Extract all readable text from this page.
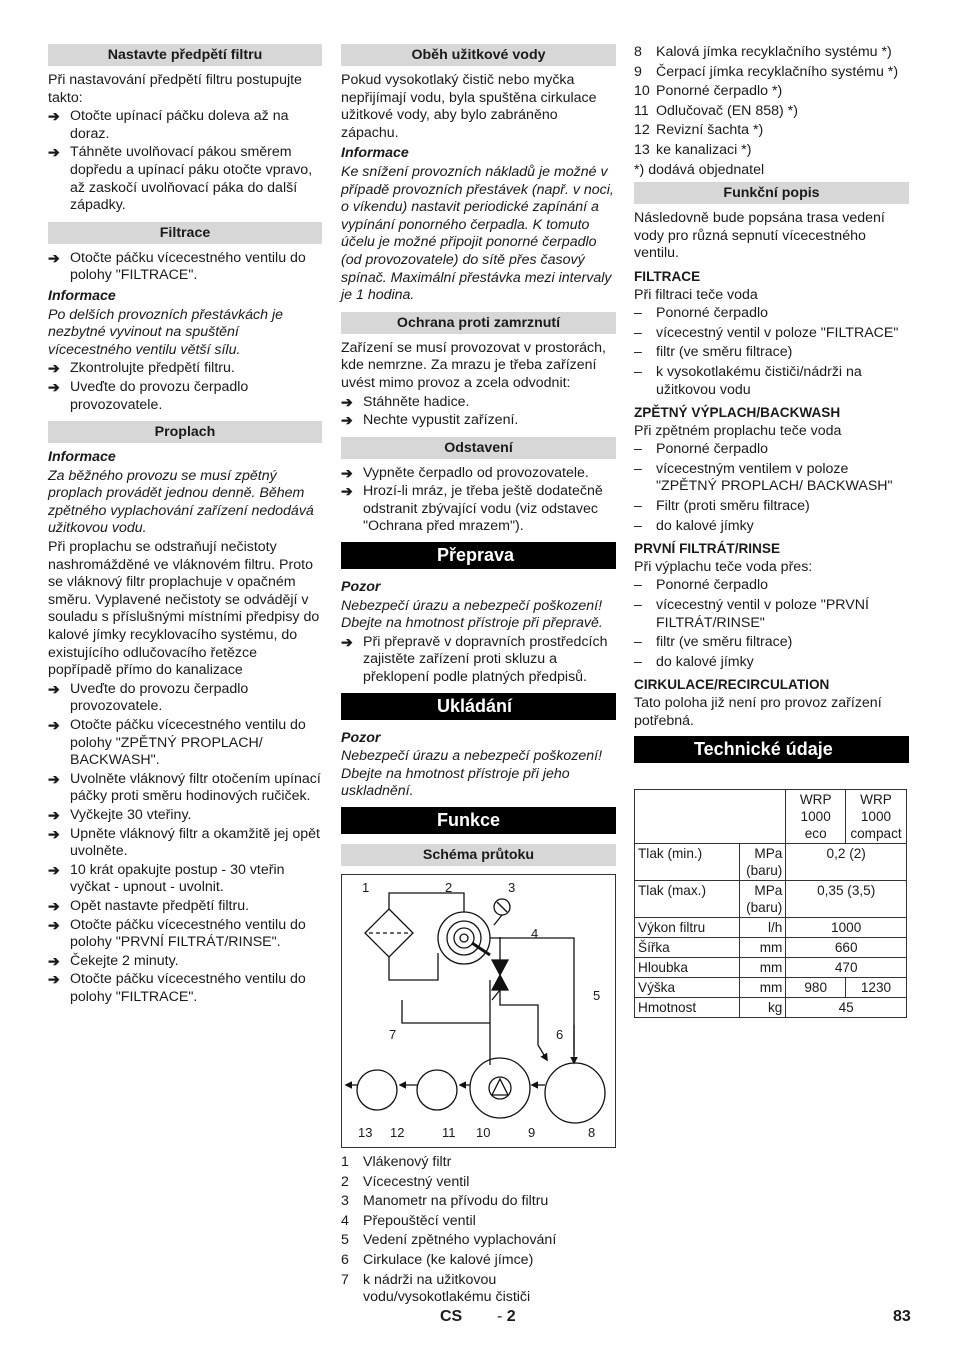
Nastavte předpětí filtru

Při nastavování předpětí filtru postupujte takto:

➔ Otočte upínací páčku doleva až na doraz.
➔ Táhněte uvolňovací pákou směrem dopředu a upínací páku otočte vpravo, až zaskočí uvolňovací páka do další západky.
Filtrace
➔ Otočte páčku vícecestného ventilu do polohy "FILTRACE".

Informace

Po delších provozních přestávkách je nezbytné vyvinout na spuštění vícecestného ventilu větší sílu.

➔ Zkontrolujte předpětí filtru.
➔ Uveďte do provozu čerpadlo provozovatele.
Proplach

Informace

Za běžného provozu se musí zpětný proplach provádět jednou denně. Během zpětného vyplachování zařízení nedodává užitkovou vodu.

Při proplachu se odstraňují nečistoty nashromážděné ve vláknovém filtru. Proto se vláknový filtr proplachuje v opačném směru. Vyplavené nečistoty se odvádějí v souladu s příslušnými místními předpisy do kalové jímky recyklovacího systému, do existujícího odlučovacího řetězce popřípadě přímo do kanalizace

➔ Uveďte do provozu čerpadlo provozovatele.
➔ Otočte páčku vícecestného ventilu do polohy "ZPĚTNÝ PROPLACH/ BACKWASH".
➔ Uvolněte vláknový filtr otočením upínací páčky proti směru hodinových ručiček.
➔ Vyčkejte 30 vteřiny.
➔ Upněte vláknový filtr a okamžitě jej opět uvolněte.
➔ 10 krát opakujte postup - 30 vteřin vyčkat - upnout - uvolnit.
➔ Opět nastavte předpětí filtru.
➔ Otočte páčku vícecestného ventilu do polohy "PRVNÍ FILTRÁT/RINSE".
➔ Čekejte 2 minuty.
➔ Otočte páčku vícecestného ventilu do polohy "FILTRACE".
Oběh užitkové vody

Pokud vysokotlaký čistič nebo myčka nepřijímají vodu, byla spuštěna cirkulace užitkové vody, aby bylo zabráněno zápachu.

Informace

Ke snížení provozních nákladů je možné v případě provozních přestávek (např. v noci, o víkendu) nastavit periodické zapínání a vypínání ponorného čerpadla. K tomuto účelu je možné připojit ponorné čerpadlo (od provozovatele) do sítě přes časový spínač. Maximální přestávka mezi intervaly je 1 hodina.

Ochrana proti zamrznutí

Zařízení se musí provozovat v prostorách, kde nemrzne. Za mrazu je třeba zařízení uvést mimo provoz a zcela odvodnit:

➔ Stáhněte hadice.
➔ Nechte vypustit zařízení.
Odstavení
➔ Vypněte čerpadlo od provozovatele.
➔ Hrozí-li mráz, je třeba ještě dodatečně odstranit zbývající vodu (viz odstavec "Ochrana před mrazem").
Přeprava

Pozor

Nebezpečí úrazu a nebezpečí poškození! Dbejte na hmotnost přístroje při přepravě.

➔ Při přepravě v dopravních prostředcích zajistěte zařízení proti skluzu a překlopení podle platných předpisů.
Ukládání

Pozor

Nebezpečí úrazu a nebezpečí poškození! Dbejte na hmotnost přístroje při jeho uskladnění.

Funkce
Schéma průtoku
1	2	3
4
5
6
7
8
9
10
11
12
13
1 Vlákenový filtr
2 Vícecestný ventil
3 Manometr na přívodu do filtru
4 Přepouštěcí ventil
5 Vedení zpětného vyplachování
6 Cirkulace (ke kalové jímce)
7 k nádrži na užitkovou vodu/vysokotlakému čističi
8 Kalová jímka recyklačního systému *)
9 Čerpací jímka recyklačního systému *)
10 Ponorné čerpadlo *)
11 Odlučovač (EN 858) *)
12 Revizní šachta *)
13 ke kanalizaci *)

*) dodává objednatel

Funkční popis

Následovně bude popsána trasa vedení vody pro různá sepnutí vícecestného ventilu.

FILTRACE

Při filtraci teče voda

– Ponorné čerpadlo
– vícecestný ventil v poloze "FILTRACE"
– filtr (ve směru filtrace)
– k vysokotlakému čističi/nádrži na užitkovou vodu

ZPĚTNÝ VÝPLACH/BACKWASH

Při zpětném proplachu teče voda

– Ponorné čerpadlo
– vícecestným ventilem v poloze "ZPĚTNÝ PROPLACH/ BACKWASH"
– Filtr (proti směru filtrace)
– do kalové jímky

PRVNÍ FILTRÁT/RINSE

Při výplachu teče voda přes:

– Ponorné čerpadlo
– vícecestný ventil v poloze "PRVNÍ FILTRÁT/RINSE"
– filtr (ve směru filtrace)
– do kalové jímky

CIRKULACE/RECIRCULATION

Tato poloha již není pro provoz zařízení potřebná.

Technické údaje
		WRP 1000 eco	WRP 1000 compact
Tlak (min.)	MPa (baru)	0,2 (2)	
Tlak (max.)	MPa (baru)	0,35 (3,5)	
Výkon filtru	l/h	1000	
Šířka	mm	660	
Hloubka	mm	470	
Výška	mm	980	1230
Hmotnost	kg	45	
CS - 2	83
